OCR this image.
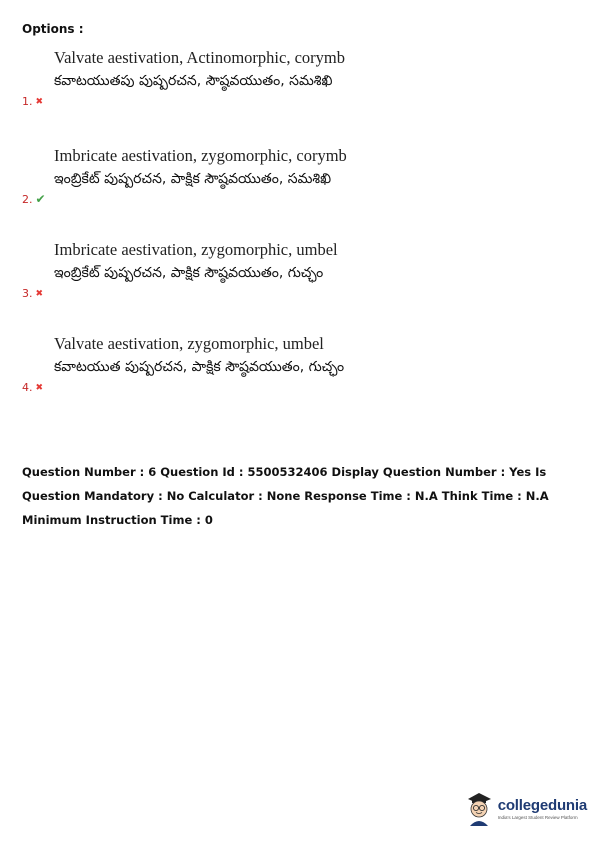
Options :
Valvate aestivation, Actinomorphic, corymb
కవాటయుతపు పుష్పరచన, సౌష్ఠవయుతం, సమశిఖి
1. ✖
Imbricate aestivation, zygomorphic, corymb
ఇంబ్రికేట్ పుష్పరచన, పాక్షిక సౌష్ఠవయుతం, సమశిఖి
2. ✔
Imbricate aestivation, zygomorphic, umbel
ఇంబ్రికేట్ పుష్పరచన, పాక్షిక సౌష్ఠవయుతం, గుచ్ఛం
3. ✖
Valvate aestivation, zygomorphic, umbel
కవాటయుత పుష్పరచన, పాక్షిక సౌష్ఠవయుతం, గుచ్ఛం
4. ✖
Question Number : 6 Question Id : 5500532406 Display Question Number : Yes Is Question Mandatory : No Calculator : None Response Time : N.A Think Time : N.A Minimum Instruction Time : 0
collegedunia
India's Largest Student Review Platform
